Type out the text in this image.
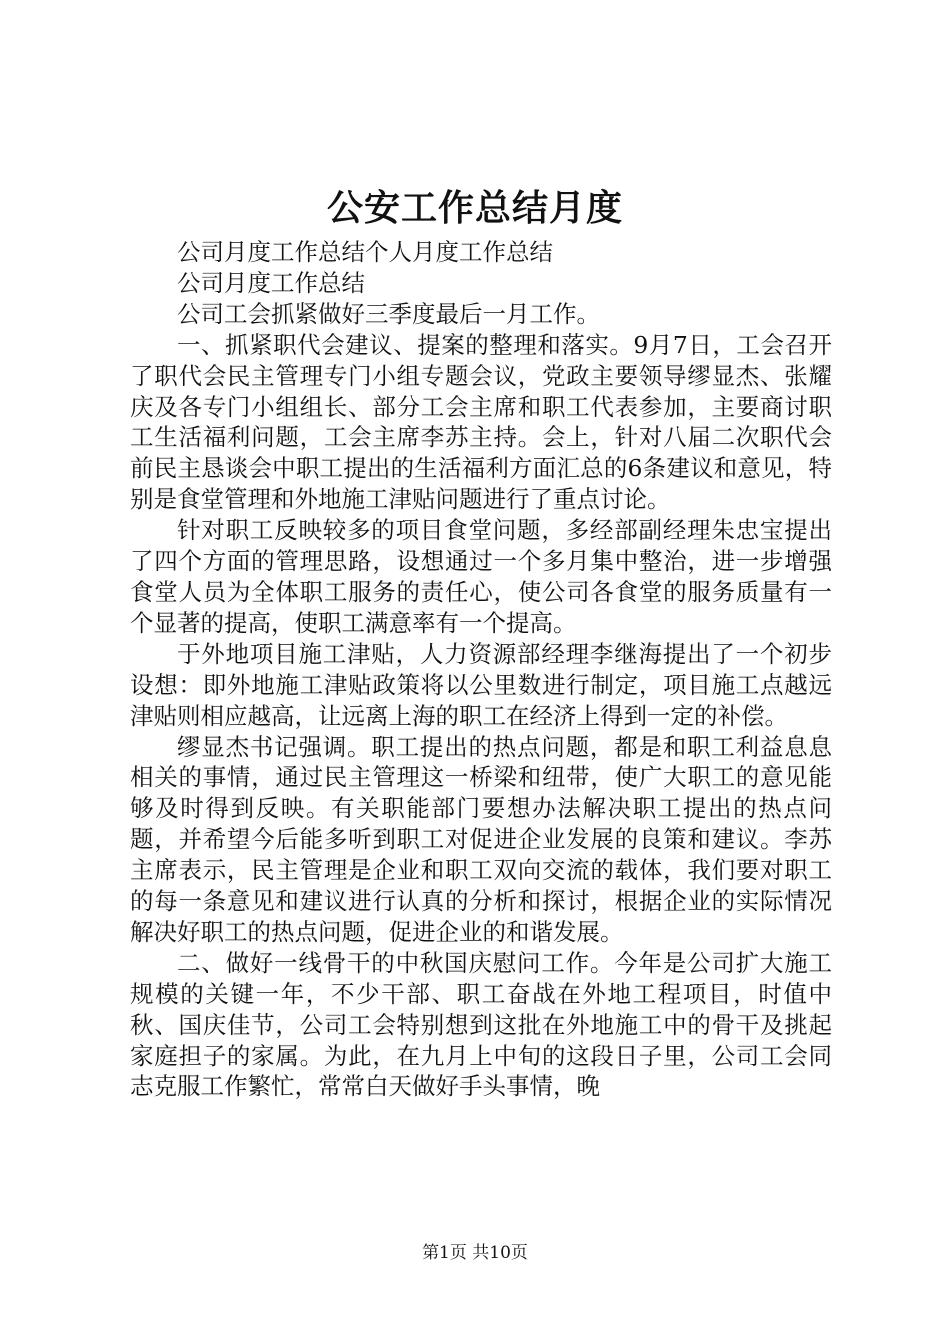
公安工作总结月度

公司月度工作总结个人月度工作总结

公司月度工作总结

公司工会抓紧做好三季度最后一月工作。

一、抓紧职代会建议、提案的整理和落实。9月7日，工会召开了职代会民主管理专门小组专题会议，党政主要领导缪显杰、张耀庆及各专门小组组长、部分工会主席和职工代表参加，主要商讨职工生活福利问题，工会主席李苏主持。会上，针对八届二次职代会前民主恳谈会中职工提出的生活福利方面汇总的6条建议和意见，特别是食堂管理和外地施工津贴问题进行了重点讨论。

针对职工反映较多的项目食堂问题，多经部副经理朱忠宝提出了四个方面的管理思路，设想通过一个多月集中整治，进一步增强食堂人员为全体职工服务的责任心，使公司各食堂的服务质量有一个显著的提高，使职工满意率有一个提高。

于外地项目施工津贴，人力资源部经理李继海提出了一个初步设想：即外地施工津贴政策将以公里数进行制定，项目施工点越远津贴则相应越高，让远离上海的职工在经济上得到一定的补偿。

缪显杰书记强调。职工提出的热点问题，都是和职工利益息息相关的事情，通过民主管理这一桥梁和纽带，使广大职工的意见能够及时得到反映。有关职能部门要想办法解决职工提出的热点问题，并希望今后能多听到职工对促进企业发展的良策和建议。李苏主席表示，民主管理是企业和职工双向交流的载体，我们要对职工的每一条意见和建议进行认真的分析和探讨，根据企业的实际情况解决好职工的热点问题，促进企业的和谐发展。

二、做好一线骨干的中秋国庆慰问工作。今年是公司扩大施工规模的关键一年，不少干部、职工奋战在外地工程项目，时值中秋、国庆佳节，公司工会特别想到这批在外地施工中的骨干及挑起家庭担子的家属。为此，在九月上中旬的这段日子里，公司工会同志克服工作繁忙，常常白天做好手头事情，晚

第1页 共10页
